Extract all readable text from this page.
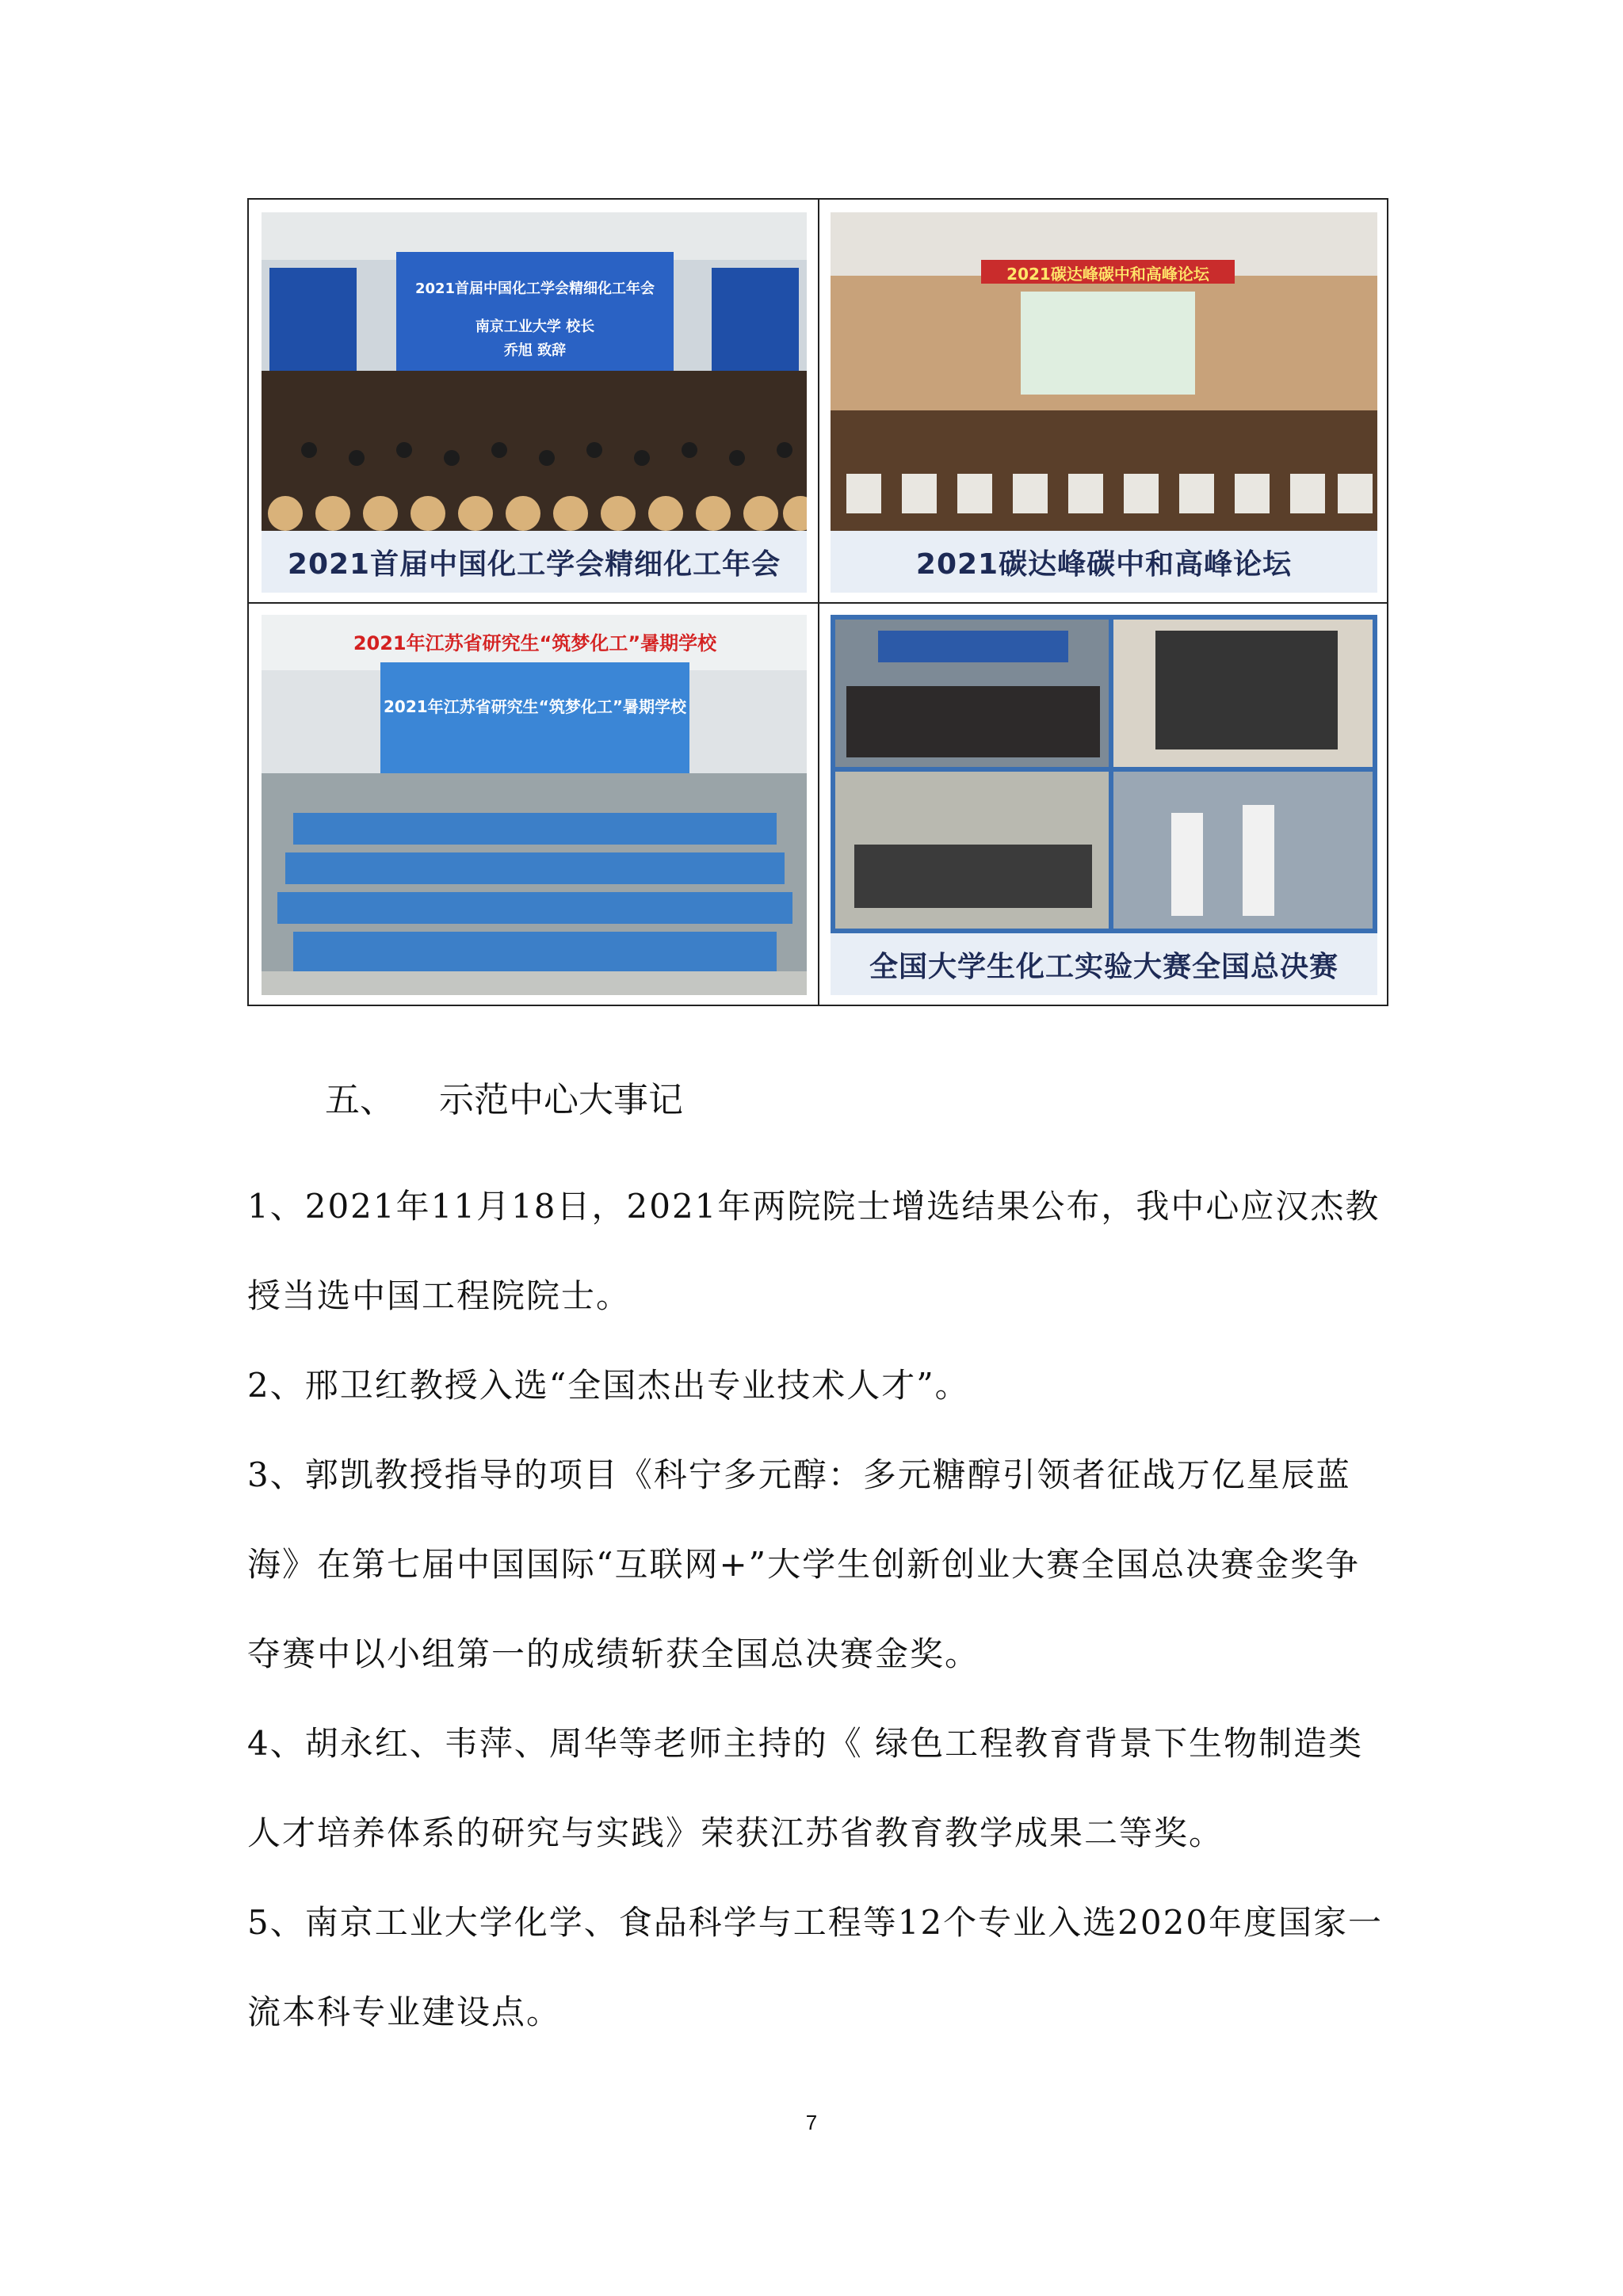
2021首届中国化工学会精细化工年会
南京工业大学 校长
乔旭 致辞
2021首届中国化工学会精细化工年会
2021碳达峰碳中和高峰论坛
2021碳达峰碳中和高峰论坛
2021年江苏省研究生“筑梦化工”暑期学校
2021年江苏省研究生“筑梦化工”暑期学校
全国大学生化工实验大赛全国总决赛
五、 示范中心大事记

1、2021年11月18日，2021年两院院士增选结果公布，我中心应汉杰教授当选中国工程院院士。

2、邢卫红教授入选“全国杰出专业技术人才”。

3、郭凯教授指导的项目《科宁多元醇：多元糖醇引领者征战万亿星辰蓝海》在第七届中国国际“互联网+”大学生创新创业大赛全国总决赛金奖争夺赛中以小组第一的成绩斩获全国总决赛金奖。

4、胡永红、韦萍、周华等老师主持的《 绿色工程教育背景下生物制造类人才培养体系的研究与实践》荣获江苏省教育教学成果二等奖。

5、南京工业大学化学、食品科学与工程等12个专业入选2020年度国家一流本科专业建设点。

7
